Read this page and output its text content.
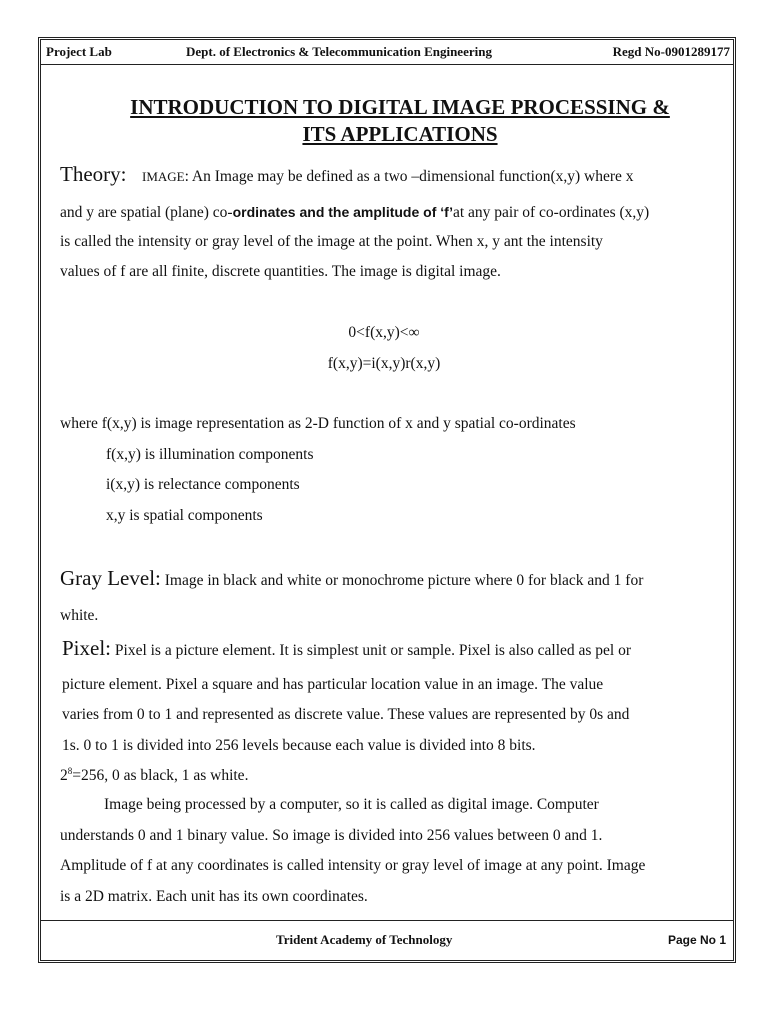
Project Lab	Dept. of Electronics & Telecommunication Engineering	Regd No-0901289177
INTRODUCTION TO DIGITAL IMAGE PROCESSING &
ITS APPLICATIONS
Theory: IMAGE: An Image may be defined as a two –dimensional function(x,y) where x
and y are spatial (plane) co-ordinates and the amplitude of ‘f’at any pair of co-ordinates (x,y)
is called the intensity or gray level of the image at the point. When x, y ant the intensity
values of f are all finite, discrete quantities. The image is digital image.
0<f(x,y)<∞
f(x,y)=i(x,y)r(x,y)
where f(x,y) is image representation as 2-D function of x and y spatial co-ordinates
f(x,y) is illumination components
i(x,y) is relectance components
x,y is spatial components
Gray Level: Image in black and white or monochrome picture where 0 for black and 1 for
white.
Pixel: Pixel is a picture element. It is simplest unit or sample. Pixel is also called as pel or
picture element. Pixel a square and has particular location value in an image. The value
varies from 0 to 1 and represented as discrete value. These values are represented by 0s and
1s. 0 to 1 is divided into 256 levels because each value is divided into 8 bits.
$2^8=256$, 0 as black, 1 as white.
Image being processed by a computer, so it is called as digital image. Computer
understands 0 and 1 binary value. So image is divided into 256 values between 0 and 1.
Amplitude of f at any coordinates is called intensity or gray level of image at any point. Image
is a 2D matrix. Each unit has its own coordinates.
Trident Academy of Technology	Page No 1
